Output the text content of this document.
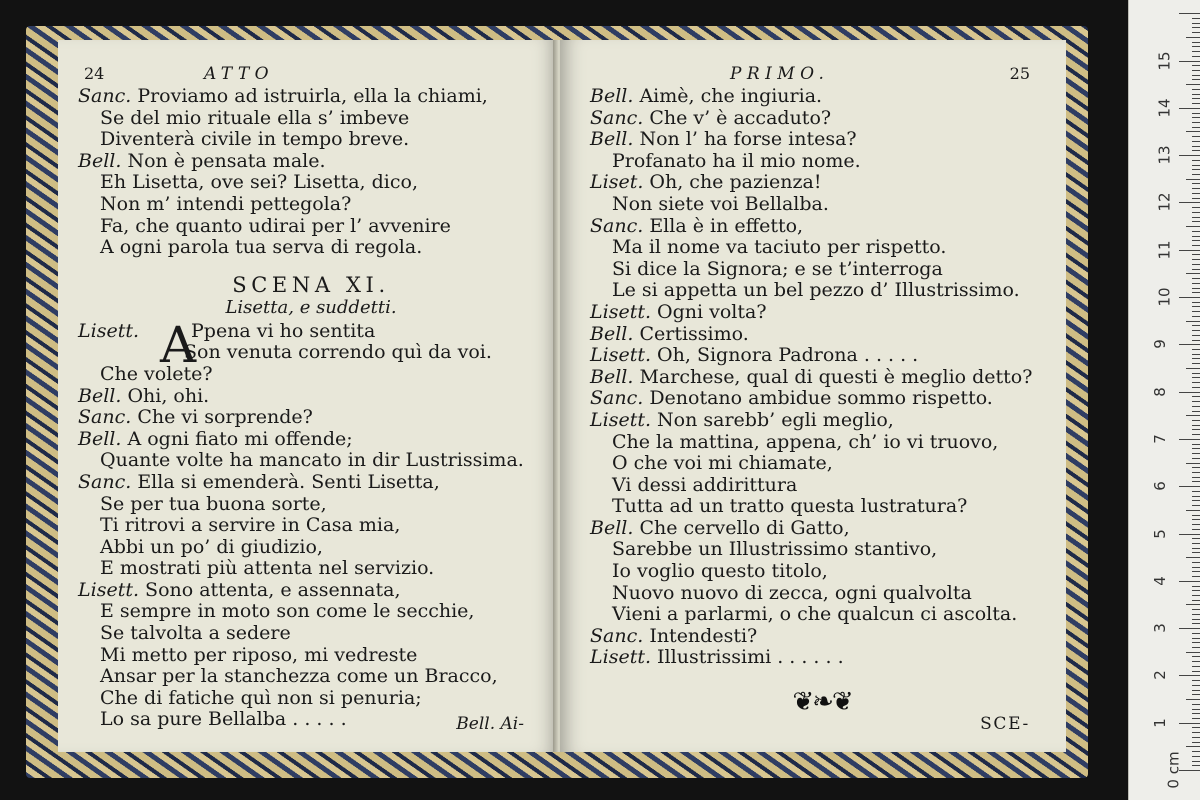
24	ATTO
Sanc. Proviamo ad istruirla, ella la chiami,
Se del mio rituale ella s’ imbeve
Diventerà civile in tempo breve.
Bell. Non è pensata male.
Eh Lisetta, ove sei? Lisetta, dico,
Non m’ intendi pettegola?
Fa, che quanto udirai per l’ avvenire
A ogni parola tua serva di regola.
SCENA XI.
Lisetta, e suddetti.
A
Lisett.	Ppena vi ho sentita
Son venuta correndo quì da voi.
Che volete?
Bell. Ohi, ohi.
Sanc. Che vi sorprende?
Bell. A ogni fiato mi offende;
Quante volte ha mancato in dir Lustrissima.
Sanc. Ella si emenderà. Senti Lisetta,
Se per tua buona sorte,
Ti ritrovi a servire in Casa mia,
Abbi un po’ di giudizio,
E mostrati più attenta nel servizio.
Lisett. Sono attenta, e assennata,
E sempre in moto son come le secchie,
Se talvolta a sedere
Mi metto per riposo, mi vedreste
Ansar per la stanchezza come un Bracco,
Che di fatiche quì non si penuria;
Lo sa pure Bellalba . . . . .	Bell. Ai-
PRIMO.	25
Bell. Aimè, che ingiuria.
Sanc. Che v’ è accaduto?
Bell. Non l’ ha forse intesa?
Profanato ha il mio nome.
Liset. Oh, che pazienza!
Non siete voi Bellalba.
Sanc. Ella è in effetto,
Ma il nome va taciuto per rispetto.
Si dice la Signora; e se t’interroga
Le si appetta un bel pezzo d’ Illustrissimo.
Lisett. Ogni volta?
Bell. Certissimo.
Lisett. Oh, Signora Padrona . . . . .
Bell. Marchese, qual di questi è meglio detto?
Sanc. Denotano ambidue sommo rispetto.
Lisett. Non sarebb’ egli meglio,
Che la mattina, appena, ch’ io vi truovo,
O che voi mi chiamate,
Vi dessi addirittura
Tutta ad un tratto questa lustratura?
Bell. Che cervello di Gatto,
Sarebbe un Illustrissimo stantivo,
Io voglio questo titolo,
Nuovo nuovo di zecca, ogni qualvolta
Vieni a parlarmi, o che qualcun ci ascolta.
Sanc. Intendesti?
Lisett. Illustrissimi . . . . . .
❦❧❦
SCE-
0 cm
1
2
3
4
5
6
7
8
9
10
11
12
13
14
15
